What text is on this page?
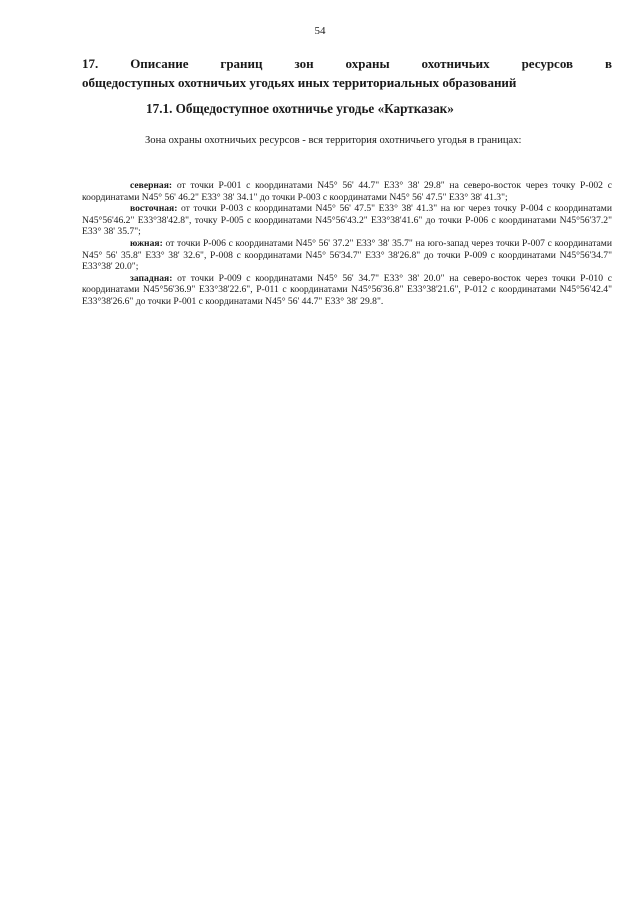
54
17. Описание границ зон охраны охотничьих ресурсов в
общедоступных охотничьих угодьях иных территориальных образований
17.1. Общедоступное охотничье угодье «Картказак»

Зона охраны охотничьих ресурсов - вся территория охотничьего угодья в границах:

северная: от точки Р-001 с координатами N45° 56' 44.7" E33° 38' 29.8" на северо-восток через точку Р-002 с координатами N45° 56' 46.2" E33° 38' 34.1" до точки Р-003 с координатами N45° 56' 47.5" E33° 38' 41.3";

восточная: от точки Р-003 с координатами N45° 56' 47.5" E33° 38' 41.3" на юг через точку Р-004 с координатами N45°56'46.2" E33°38'42.8", точку Р-005 с координатами N45°56'43.2" E33°38'41.6" до точки Р-006 с координатами N45°56'37.2" E33° 38' 35.7";

южная: от точки Р-006 с координатами N45° 56' 37.2" E33° 38' 35.7" на юго-запад через точки Р-007 с координатами N45° 56' 35.8" E33° 38' 32.6", Р-008 с координатами N45° 56'34.7" E33° 38'26.8" до точки Р-009 с координатами N45°56'34.7" E33°38' 20.0";

западная: от точки Р-009 с координатами N45° 56' 34.7" E33° 38' 20.0" на северо-восток через точки Р-010 с координатами N45°56'36.9" E33°38'22.6", Р-011 с координатами N45°56'36.8" E33°38'21.6", Р-012 с координатами N45°56'42.4" E33°38'26.6" до точки Р-001 с координатами N45° 56' 44.7" E33° 38' 29.8".
